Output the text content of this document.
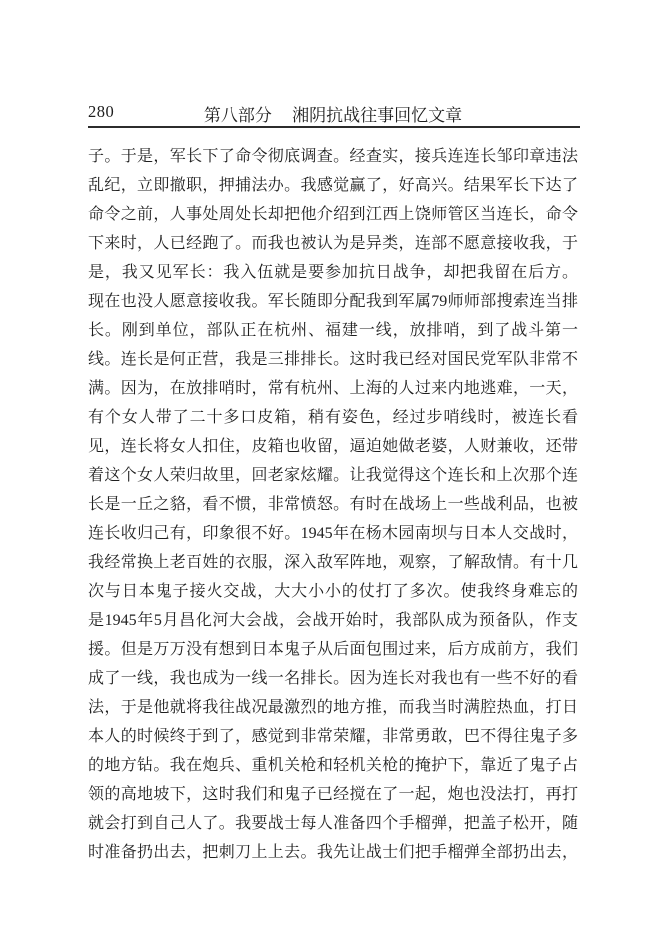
280	第八部分 湘阴抗战往事回忆文章
子。于是，军长下了命令彻底调查。经查实，接兵连连长邹印章违法
乱纪，立即撤职，押捕法办。我感觉赢了，好高兴。结果军长下达了
命令之前，人事处周处长却把他介绍到江西上饶师管区当连长，命令
下来时，人已经跑了。而我也被认为是异类，连部不愿意接收我，于
是，我又见军长：我入伍就是要参加抗日战争，却把我留在后方。
现在也没人愿意接收我。军长随即分配我到军属79师师部搜索连当排
长。刚到单位，部队正在杭州、福建一线，放排哨，到了战斗第一
线。连长是何正营，我是三排排长。这时我已经对国民党军队非常不
满。因为，在放排哨时，常有杭州、上海的人过来内地逃难，一天，
有个女人带了二十多口皮箱，稍有姿色，经过步哨线时，被连长看
见，连长将女人扣住，皮箱也收留，逼迫她做老婆，人财兼收，还带
着这个女人荣归故里，回老家炫耀。让我觉得这个连长和上次那个连
长是一丘之貉，看不惯，非常愤怒。有时在战场上一些战利品，也被
连长收归己有，印象很不好。1945年在杨木园南坝与日本人交战时，
我经常换上老百姓的衣服，深入敌军阵地，观察，了解敌情。有十几
次与日本鬼子接火交战，大大小小的仗打了多次。使我终身难忘的
是1945年5月昌化河大会战，会战开始时，我部队成为预备队，作支
援。但是万万没有想到日本鬼子从后面包围过来，后方成前方，我们
成了一线，我也成为一线一名排长。因为连长对我也有一些不好的看
法，于是他就将我往战况最激烈的地方推，而我当时满腔热血，打日
本人的时候终于到了，感觉到非常荣耀，非常勇敢，巴不得往鬼子多
的地方钻。我在炮兵、重机关枪和轻机关枪的掩护下，靠近了鬼子占
领的高地坡下，这时我们和鬼子已经搅在了一起，炮也没法打，再打
就会打到自己人了。我要战士每人准备四个手榴弹，把盖子松开，随
时准备扔出去，把刺刀上上去。我先让战士们把手榴弹全部扔出去，
